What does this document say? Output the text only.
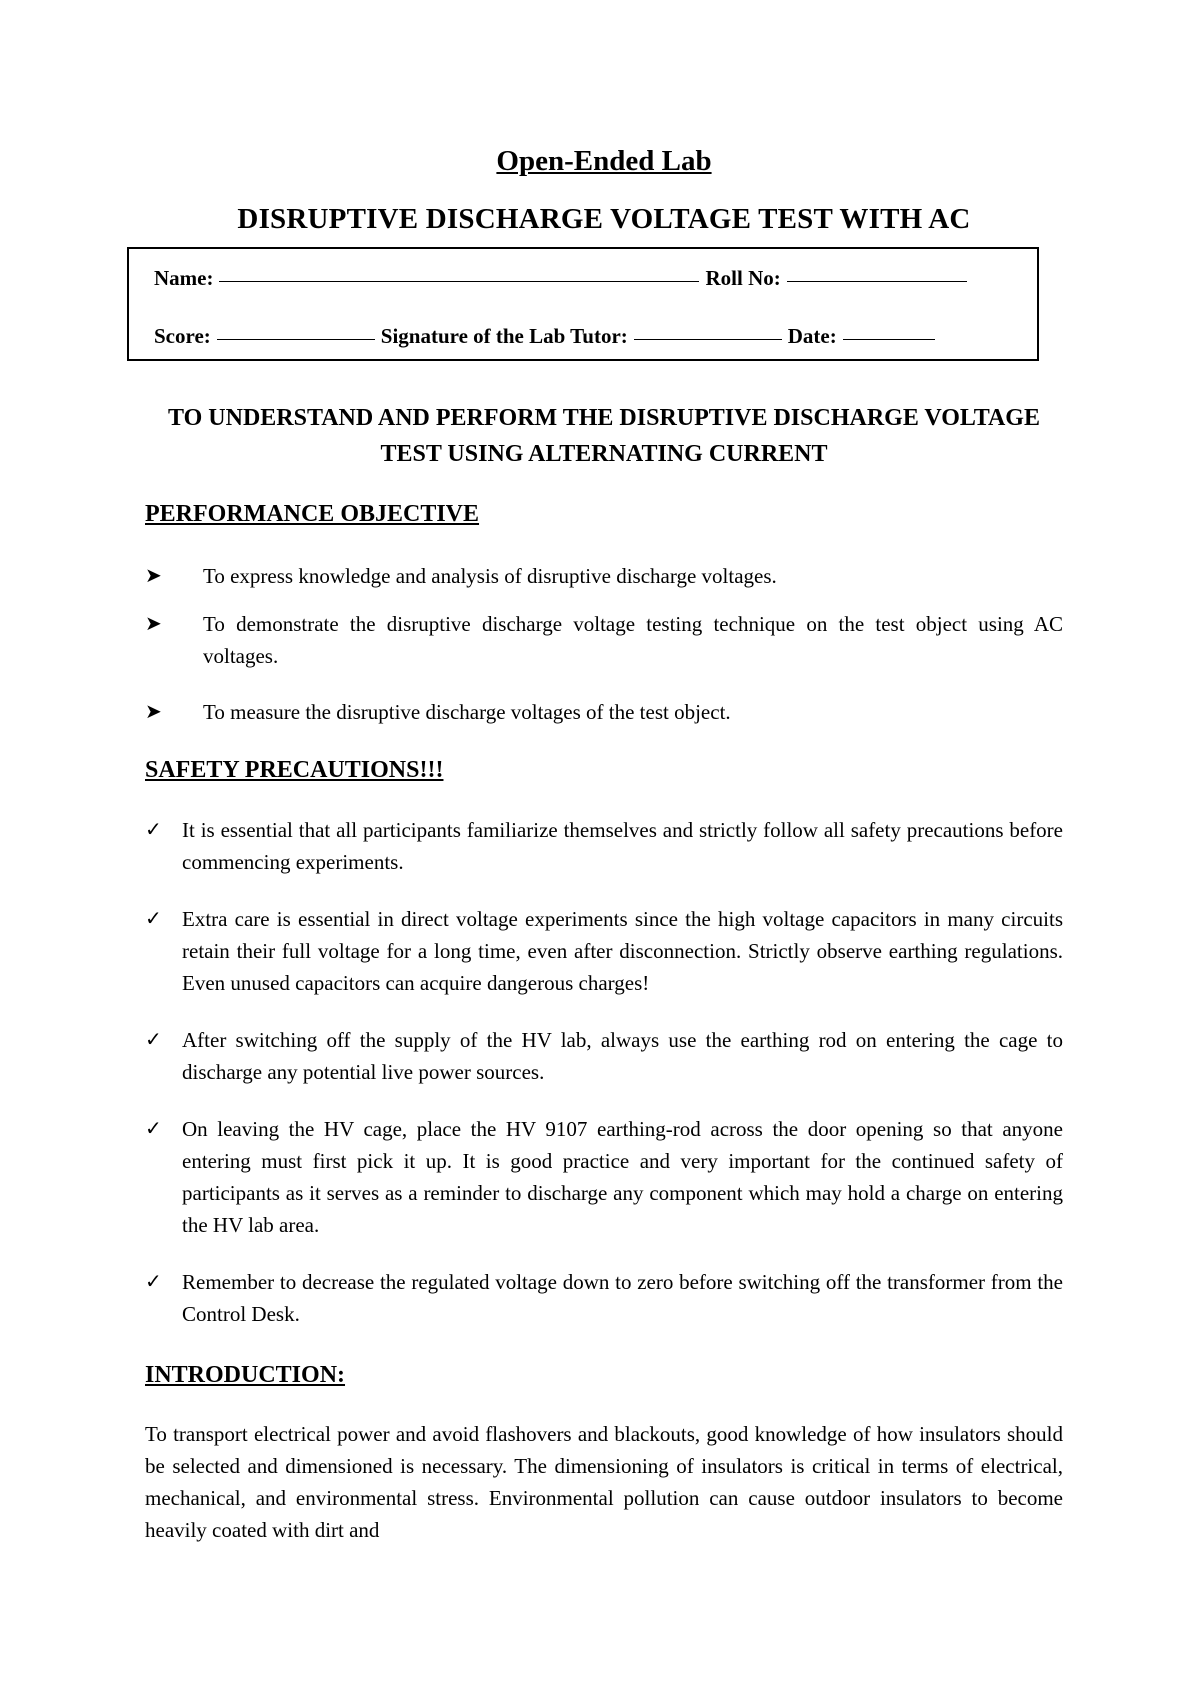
Open-Ended Lab
DISRUPTIVE DISCHARGE VOLTAGE TEST WITH AC
Name:	Roll No:
Score:	Signature of the Lab Tutor:	Date:
TO UNDERSTAND AND PERFORM THE DISRUPTIVE DISCHARGE VOLTAGE TEST USING ALTERNATING CURRENT
PERFORMANCE OBJECTIVE
➤ To express knowledge and analysis of disruptive discharge voltages.
➤ To demonstrate the disruptive discharge voltage testing technique on the test object using AC voltages.
➤ To measure the disruptive discharge voltages of the test object.
SAFETY PRECAUTIONS!!!
✓ It is essential that all participants familiarize themselves and strictly follow all safety precautions before commencing experiments.
✓ Extra care is essential in direct voltage experiments since the high voltage capacitors in many circuits retain their full voltage for a long time, even after disconnection. Strictly observe earthing regulations. Even unused capacitors can acquire dangerous charges!
✓ After switching off the supply of the HV lab, always use the earthing rod on entering the cage to discharge any potential live power sources.
✓ On leaving the HV cage, place the HV 9107 earthing-rod across the door opening so that anyone entering must first pick it up. It is good practice and very important for the continued safety of participants as it serves as a reminder to discharge any component which may hold a charge on entering the HV lab area.
✓ Remember to decrease the regulated voltage down to zero before switching off the transformer from the Control Desk.
INTRODUCTION:

To transport electrical power and avoid flashovers and blackouts, good knowledge of how insulators should be selected and dimensioned is necessary. The dimensioning of insulators is critical in terms of electrical, mechanical, and environmental stress. Environmental pollution can cause outdoor insulators to become heavily coated with dirt and
